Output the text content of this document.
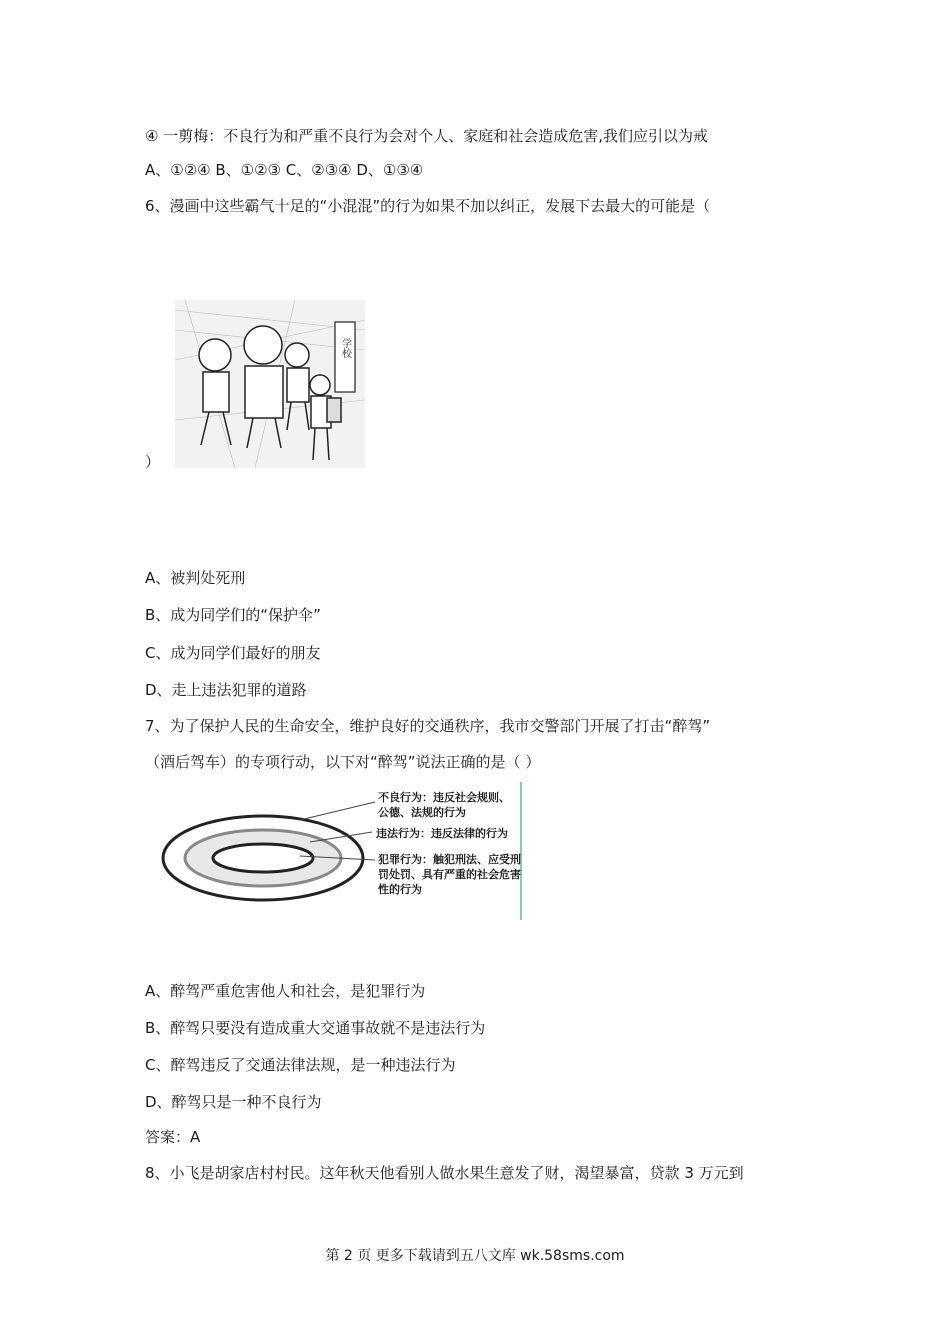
④ 一剪梅：不良行为和严重不良行为会对个人、家庭和社会造成危害,我们应引以为戒
A、①②④ B、①②③ C、②③④ D、①③④
6、漫画中这些霸气十足的“小混混”的行为如果不加以纠正，发展下去最大的可能是（
学校
）
A、被判处死刑
B、成为同学们的“保护伞”
C、成为同学们最好的朋友
D、走上违法犯罪的道路
7、为了保护人民的生命安全，维护良好的交通秩序，我市交警部门开展了打击“醉驾”
（酒后驾车）的专项行动，以下对“醉驾”说法正确的是（ ）
不良行为：违反社会规则、
公德、法规的行为
违法行为：违反法律的行为
犯罪行为：触犯刑法、应受刑
罚处罚、具有严重的社会危害
性的行为
A、醉驾严重危害他人和社会，是犯罪行为
B、醉驾只要没有造成重大交通事故就不是违法行为
C、醉驾违反了交通法律法规，是一种违法行为
D、醉驾只是一种不良行为
答案：A
8、小飞是胡家店村村民。这年秋天他看别人做水果生意发了财，渴望暴富，贷款 3 万元到
第 2 页 更多下载请到五八文库 wk.58sms.com
